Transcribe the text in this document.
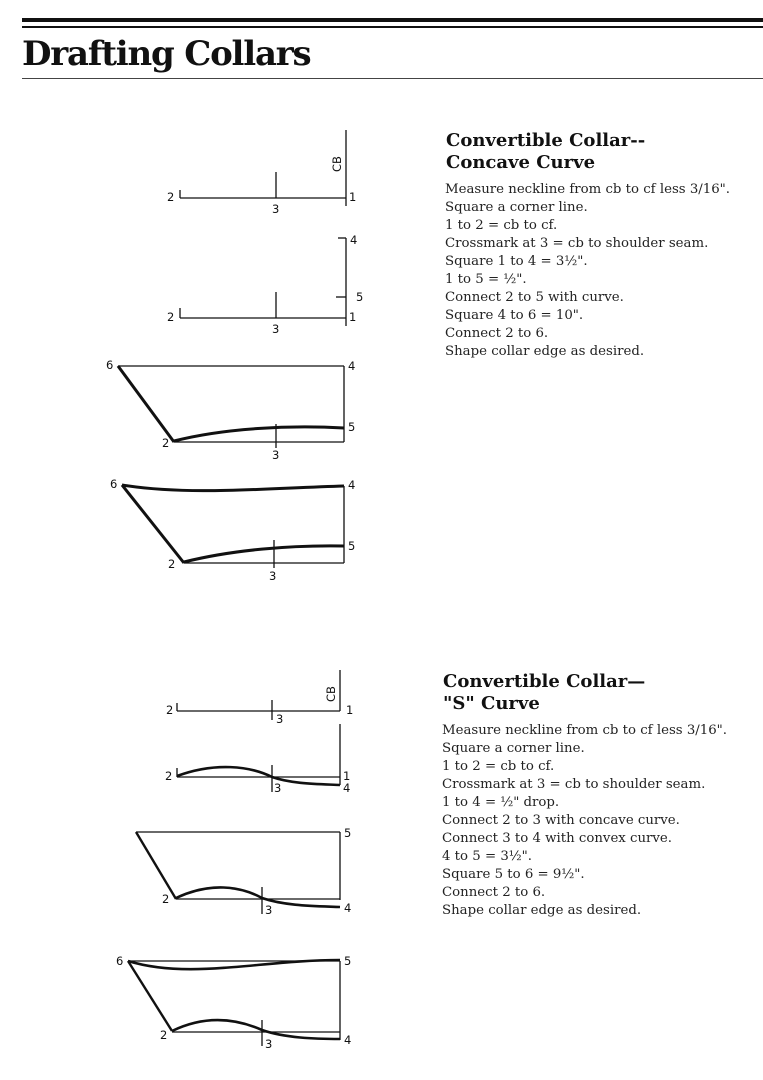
Drafting Collars
Convertible Collar--
Concave Curve
Measure neckline from cb to cf less 3/16".
Square a corner line.
1 to 2 = cb to cf.
Crossmark at 3 = cb to shoulder seam.
Square 1 to 4 = 3½".
1 to 5 = ½".
Connect 2 to 5 with curve.
Square 4 to 6 = 10".
Connect 2 to 6.
Shape collar edge as desired.
Convertible Collar—
"S" Curve
Measure neckline from cb to cf less 3/16".
Square a corner line.
1 to 2 = cb to cf.
Crossmark at 3 = cb to shoulder seam.
1 to 4 = ½" drop.
Connect 2 to 3 with concave curve.
Connect 3 to 4 with convex curve.
4 to 5 = 3½".
Square 5 to 6 = 9½".
Connect 2 to 6.
Shape collar edge as desired.
CB
CB
2
3
1
4
5
2
3
1
6	4
5
2
3
6	4
5
2
3
2
3
1
2	1
3	4
5
2
4
3
6	5
2	4
3
